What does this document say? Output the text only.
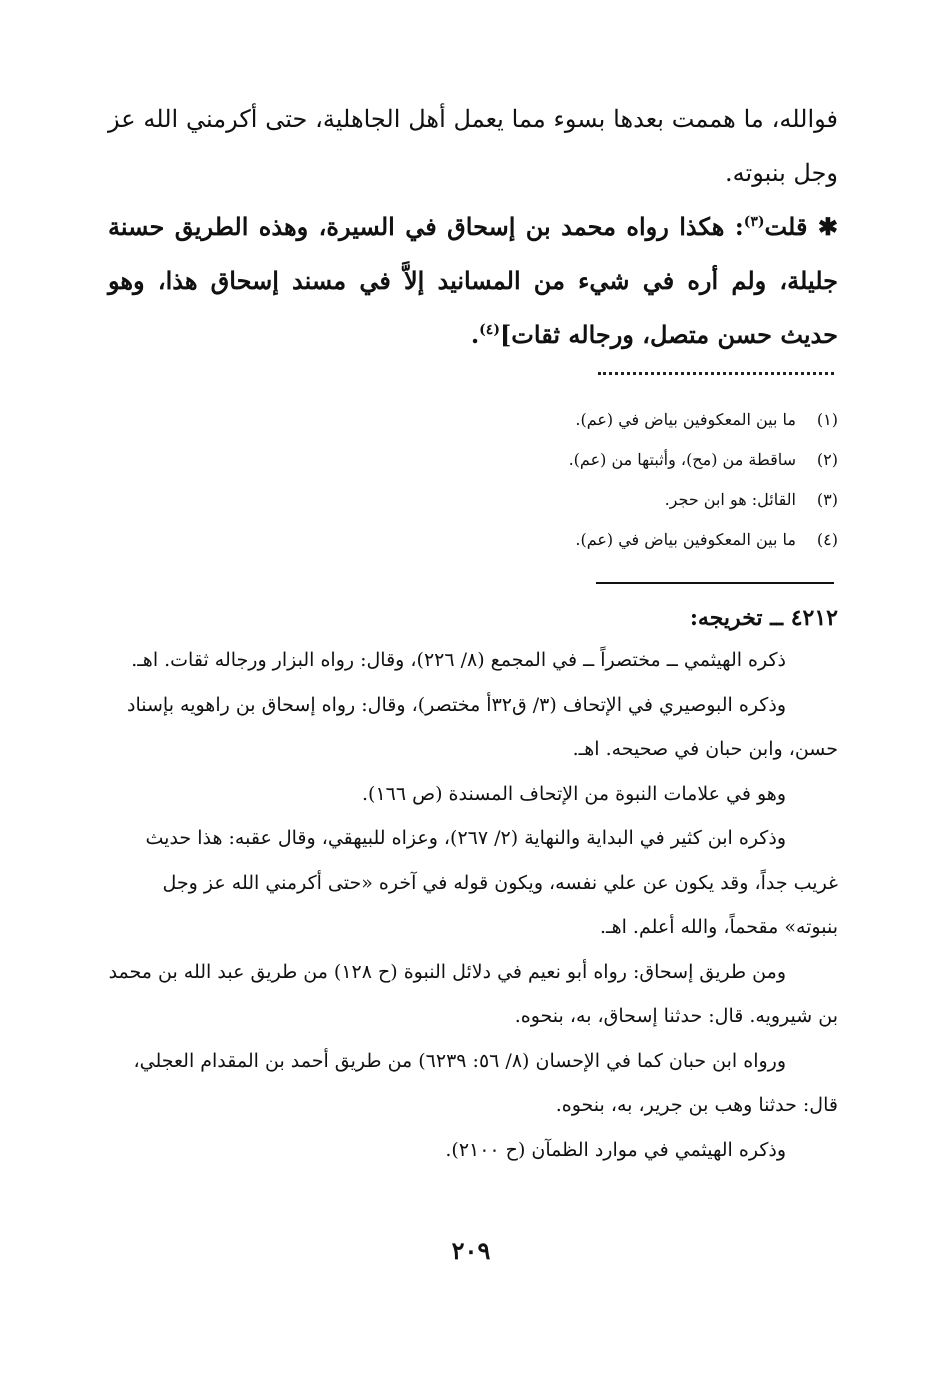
فوالله، ما هممت بعدها بسوء مما يعمل أهل الجاهلية، حتى أكرمني الله عز وجل بنبوته.

✱ قلت$^{(٣)}$: هكذا رواه محمد بن إسحاق في السيرة، وهذه الطريق حسنة جليلة، ولم أره في شيء من المسانيد إلاَّ في مسند إسحاق هذا، وهو حديث حسن متصل، ورجاله ثقات]$^{(٤)}$.

(١)
ما بين المعكوفين بياض في (عم).
(٢)
ساقطة من (مح)، وأثبتها من (عم).
(٣)
القائل: هو ابن حجر.
(٤)
ما بين المعكوفين بياض في (عم).
٤٢١٢ ــ تخريجه:

ذكره الهيثمي ــ مختصراً ــ في المجمع (٨/ ٢٢٦)، وقال: رواه البزار ورجاله ثقات. اهـ.

وذكره البوصيري في الإتحاف (٣/ ق٣٢أ مختصر)، وقال: رواه إسحاق بن راهويه بإسناد حسن، وابن حبان في صحيحه. اهـ.

وهو في علامات النبوة من الإتحاف المسندة (ص ١٦٦).

وذكره ابن كثير في البداية والنهاية (٢/ ٢٦٧)، وعزاه للبيهقي، وقال عقبه: هذا حديث غريب جداً، وقد يكون عن علي نفسه، ويكون قوله في آخره «حتى أكرمني الله عز وجل بنبوته» مقحماً، والله أعلم. اهـ.

ومن طريق إسحاق: رواه أبو نعيم في دلائل النبوة (ح ١٢٨) من طريق عبد الله بن محمد بن شيرويه. قال: حدثنا إسحاق، به، بنحوه.

ورواه ابن حبان كما في الإحسان (٨/ ٥٦: ٦٢٣٩) من طريق أحمد بن المقدام العجلي، قال: حدثنا وهب بن جرير، به، بنحوه.

وذكره الهيثمي في موارد الظمآن (ح ٢١٠٠).

٢٠٩
